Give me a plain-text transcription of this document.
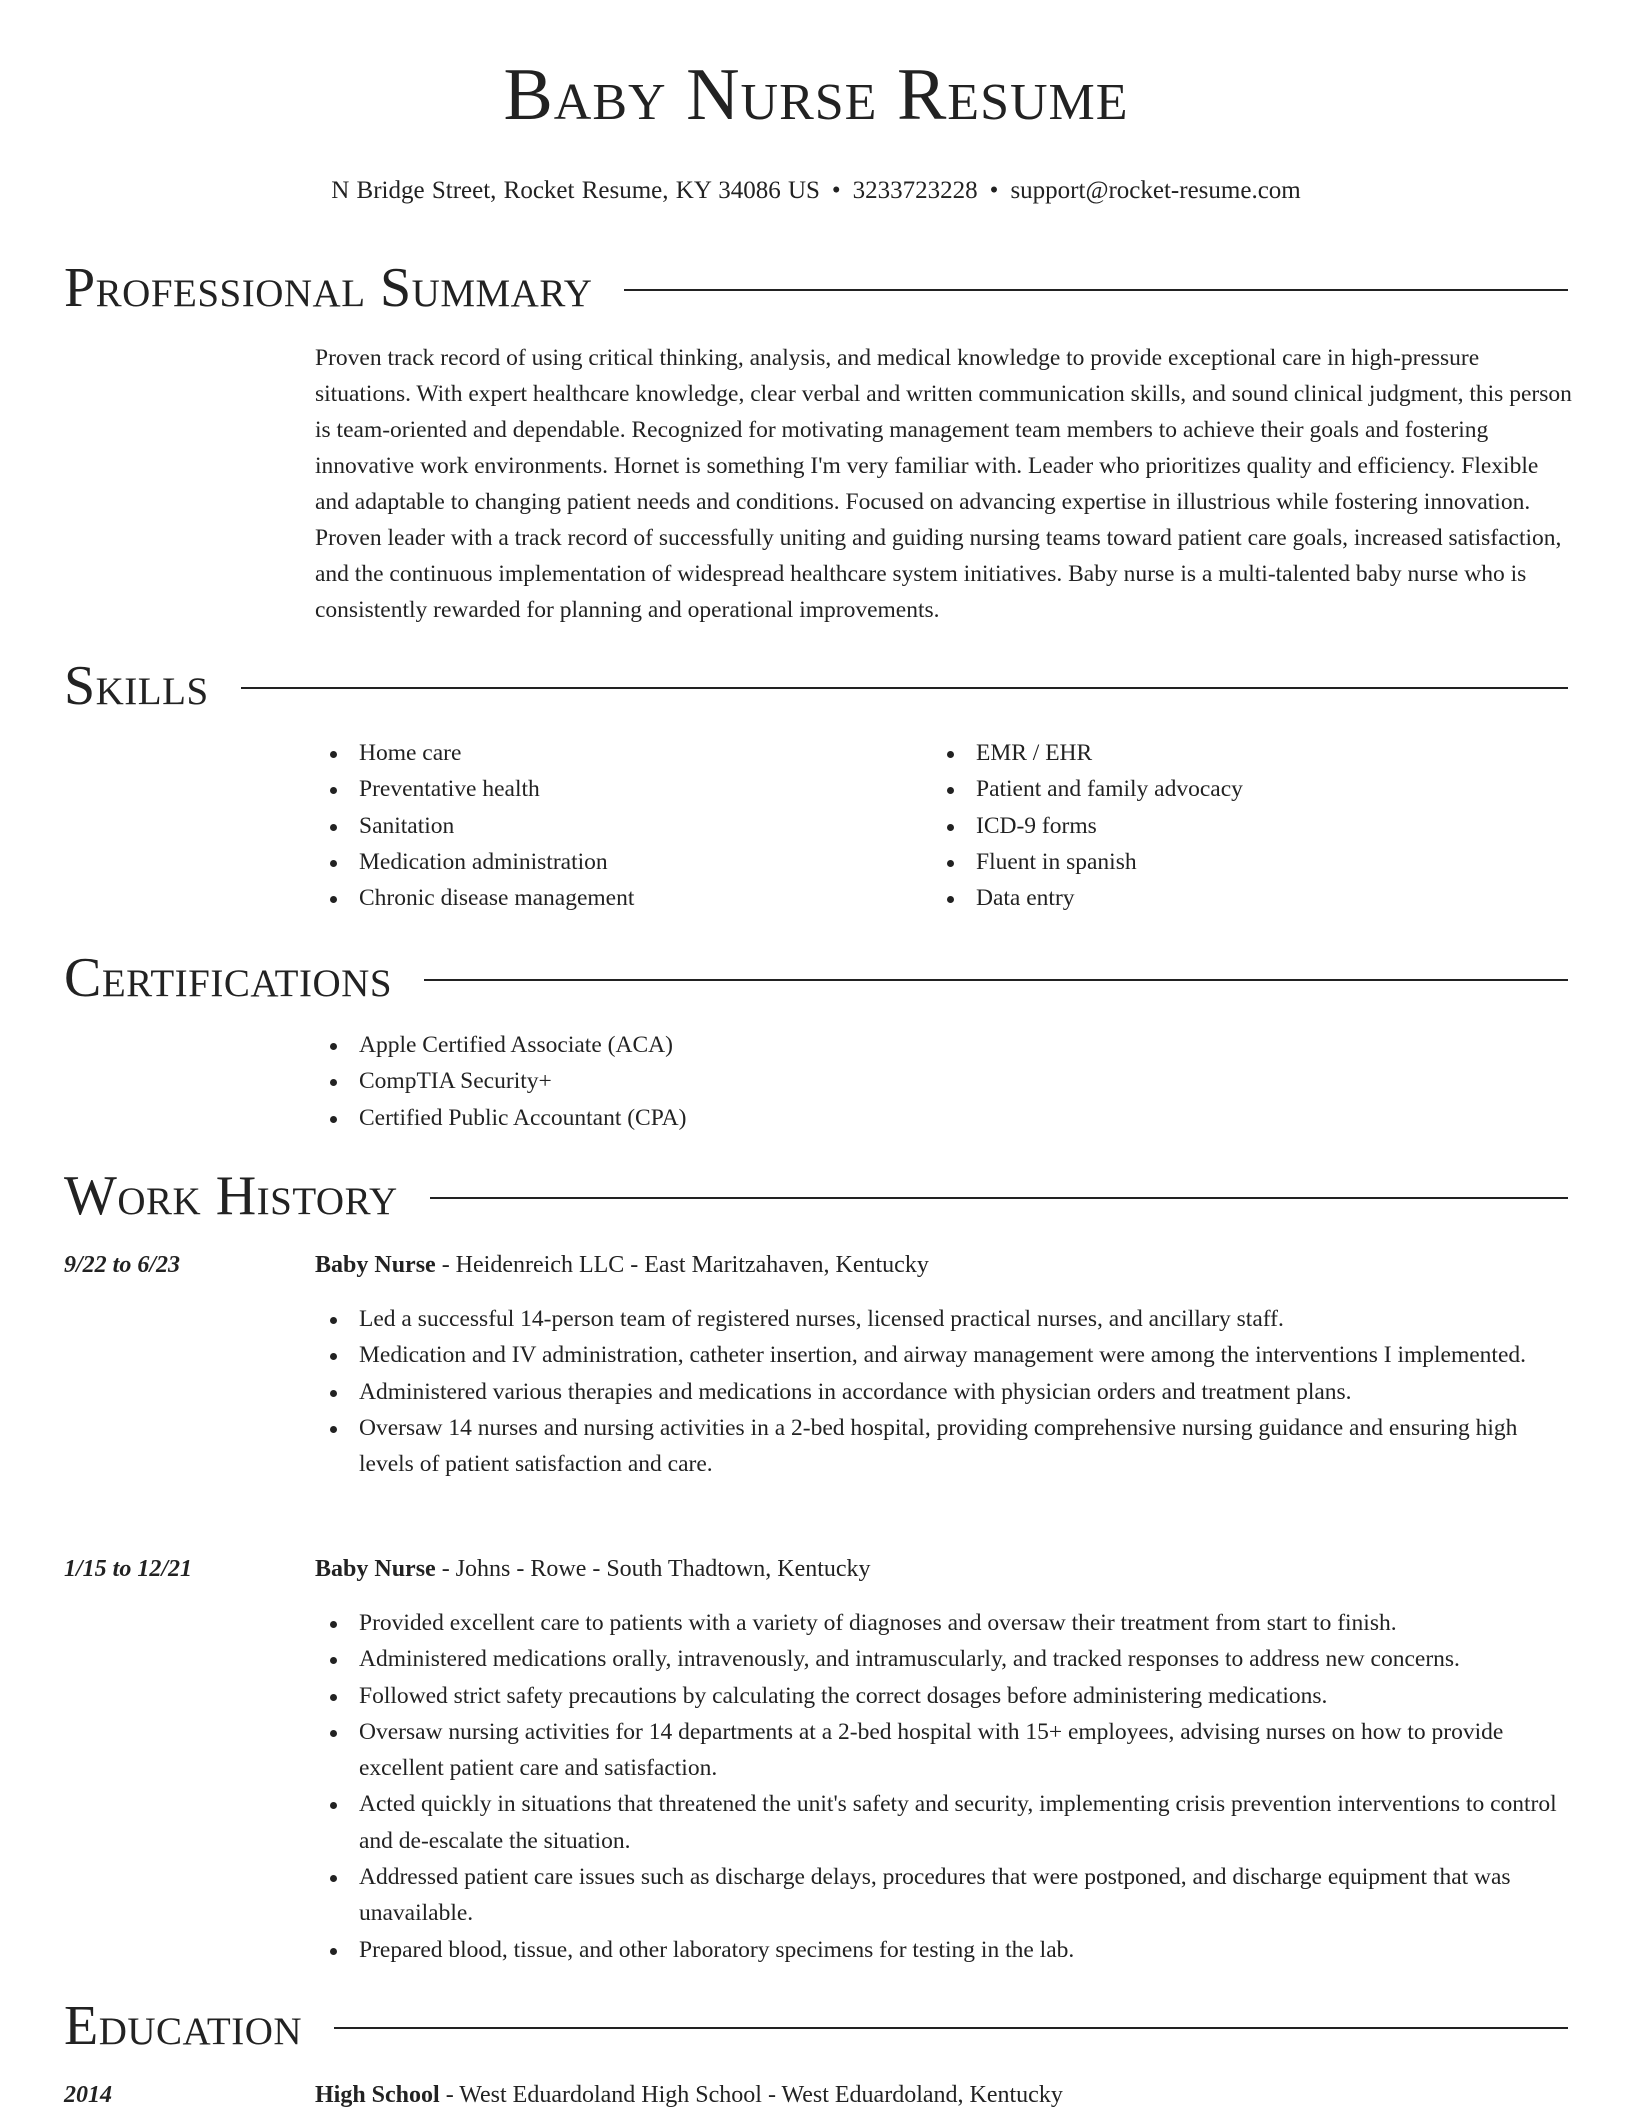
Baby Nurse Resume
N Bridge Street, Rocket Resume, KY 34086 US • 3233723228 • support@rocket-resume.com
Professional Summary

Proven track record of using critical thinking, analysis, and medical knowledge to provide exceptional care in high-pressure situations. With expert healthcare knowledge, clear verbal and written communication skills, and sound clinical judgment, this person is team-oriented and dependable. Recognized for motivating management team members to achieve their goals and fostering innovative work environments. Hornet is something I'm very familiar with. Leader who prioritizes quality and efficiency. Flexible and adaptable to changing patient needs and conditions. Focused on advancing expertise in illustrious while fostering innovation. Proven leader with a track record of successfully uniting and guiding nursing teams toward patient care goals, increased satisfaction, and the continuous implementation of widespread healthcare system initiatives. Baby nurse is a multi-talented baby nurse who is consistently rewarded for planning and operational improvements.

Skills
Home care
Preventative health
Sanitation
Medication administration
Chronic disease management
EMR / EHR
Patient and family advocacy
ICD-9 forms
Fluent in spanish
Data entry
Certifications
Apple Certified Associate (ACA)
CompTIA Security+
Certified Public Accountant (CPA)
Work History
9/22 to 6/23	Baby Nurse - Heidenreich LLC - East Maritzahaven, Kentucky
Led a successful 14-person team of registered nurses, licensed practical nurses, and ancillary staff.
Medication and IV administration, catheter insertion, and airway management were among the interventions I implemented.
Administered various therapies and medications in accordance with physician orders and treatment plans.
Oversaw 14 nurses and nursing activities in a 2-bed hospital, providing comprehensive nursing guidance and ensuring high levels of patient satisfaction and care.
1/15 to 12/21	Baby Nurse - Johns - Rowe - South Thadtown, Kentucky
Provided excellent care to patients with a variety of diagnoses and oversaw their treatment from start to finish.
Administered medications orally, intravenously, and intramuscularly, and tracked responses to address new concerns.
Followed strict safety precautions by calculating the correct dosages before administering medications.
Oversaw nursing activities for 14 departments at a 2-bed hospital with 15+ employees, advising nurses on how to provide excellent patient care and satisfaction.
Acted quickly in situations that threatened the unit's safety and security, implementing crisis prevention interventions to control and de-escalate the situation.
Addressed patient care issues such as discharge delays, procedures that were postponed, and discharge equipment that was unavailable.
Prepared blood, tissue, and other laboratory specimens for testing in the lab.
Education
2014	High School - West Eduardoland High School - West Eduardoland, Kentucky
